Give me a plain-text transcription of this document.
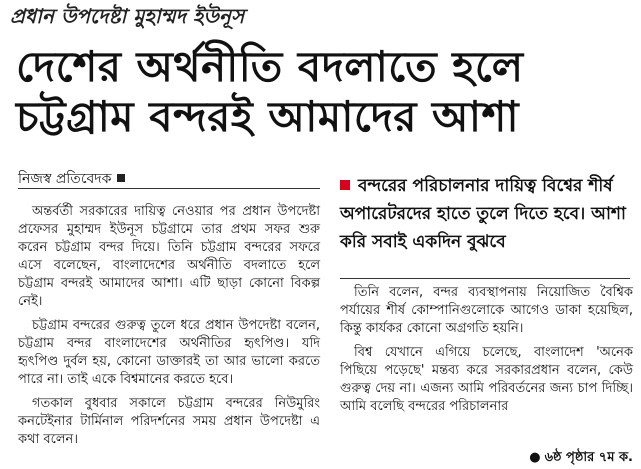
প্রধান উপদেষ্টা মুহাম্মদ ইউনূস
দেশের অর্থনীতি বদলাতে হলে
চট্টগ্রাম বন্দরই আমাদের আশা
নিজস্ব প্রতিবেদক

অন্তর্বর্তী সরকারের দায়িত্ব নেওয়ার পর প্রধান উপদেষ্টা প্রফেসর মুহাম্মদ ইউনূস চট্টগ্রামে তার প্রথম সফর শুরু করেন চট্টগ্রাম বন্দর দিয়ে। তিনি চট্টগ্রাম বন্দরের সফরে এসে বলেছেন, বাংলাদেশের অর্থনীতি বদলাতে হলে চট্টগ্রাম বন্দরই আমাদের আশা। এটি ছাড়া কোনো বিকল্প নেই।

চট্টগ্রাম বন্দরের গুরুত্ব তুলে ধরে প্রধান উপদেষ্টা বলেন, চট্টগ্রাম বন্দর বাংলাদেশের অর্থনীতির হৃৎপিণ্ড। যদি হৃৎপিণ্ড দুর্বল হয়, কোনো ডাক্তারই তা আর ভালো করতে পারে না। তাই একে বিশ্বমানের করতে হবে।

গতকাল বুধবার সকালে চট্টগ্রাম বন্দরের নিউমুরিং কনটেইনার টার্মিনাল পরিদর্শনের সময় প্রধান উপদেষ্টা এ কথা বলেন।

বন্দরের পরিচালনার দায়িত্ব বিশ্বের শীর্ষ অপারেটরদের হাতে তুলে দিতে হবে। আশা করি সবাই একদিন বুঝবে

তিনি বলেন, বন্দর ব্যবস্থাপনায় নিয়োজিত বৈশ্বিক পর্যায়ের শীর্ষ কোম্পানিগুলোকে আগেও ডাকা হয়েছিল, কিন্তু কার্যকর কোনো অগ্রগতি হয়নি।

বিশ্ব যেখানে এগিয়ে চলেছে, বাংলাদেশ 'অনেক পিছিয়ে পড়েছে' মন্তব্য করে সরকারপ্রধান বলেন, কেউ গুরুত্ব দেয় না। এজন্য আমি পরিবর্তনের জন্য চাপ দিচ্ছি। আমি বলেছি বন্দরের পরিচালনার

● ৬ষ্ঠ পৃষ্ঠার ৭ম ক.
